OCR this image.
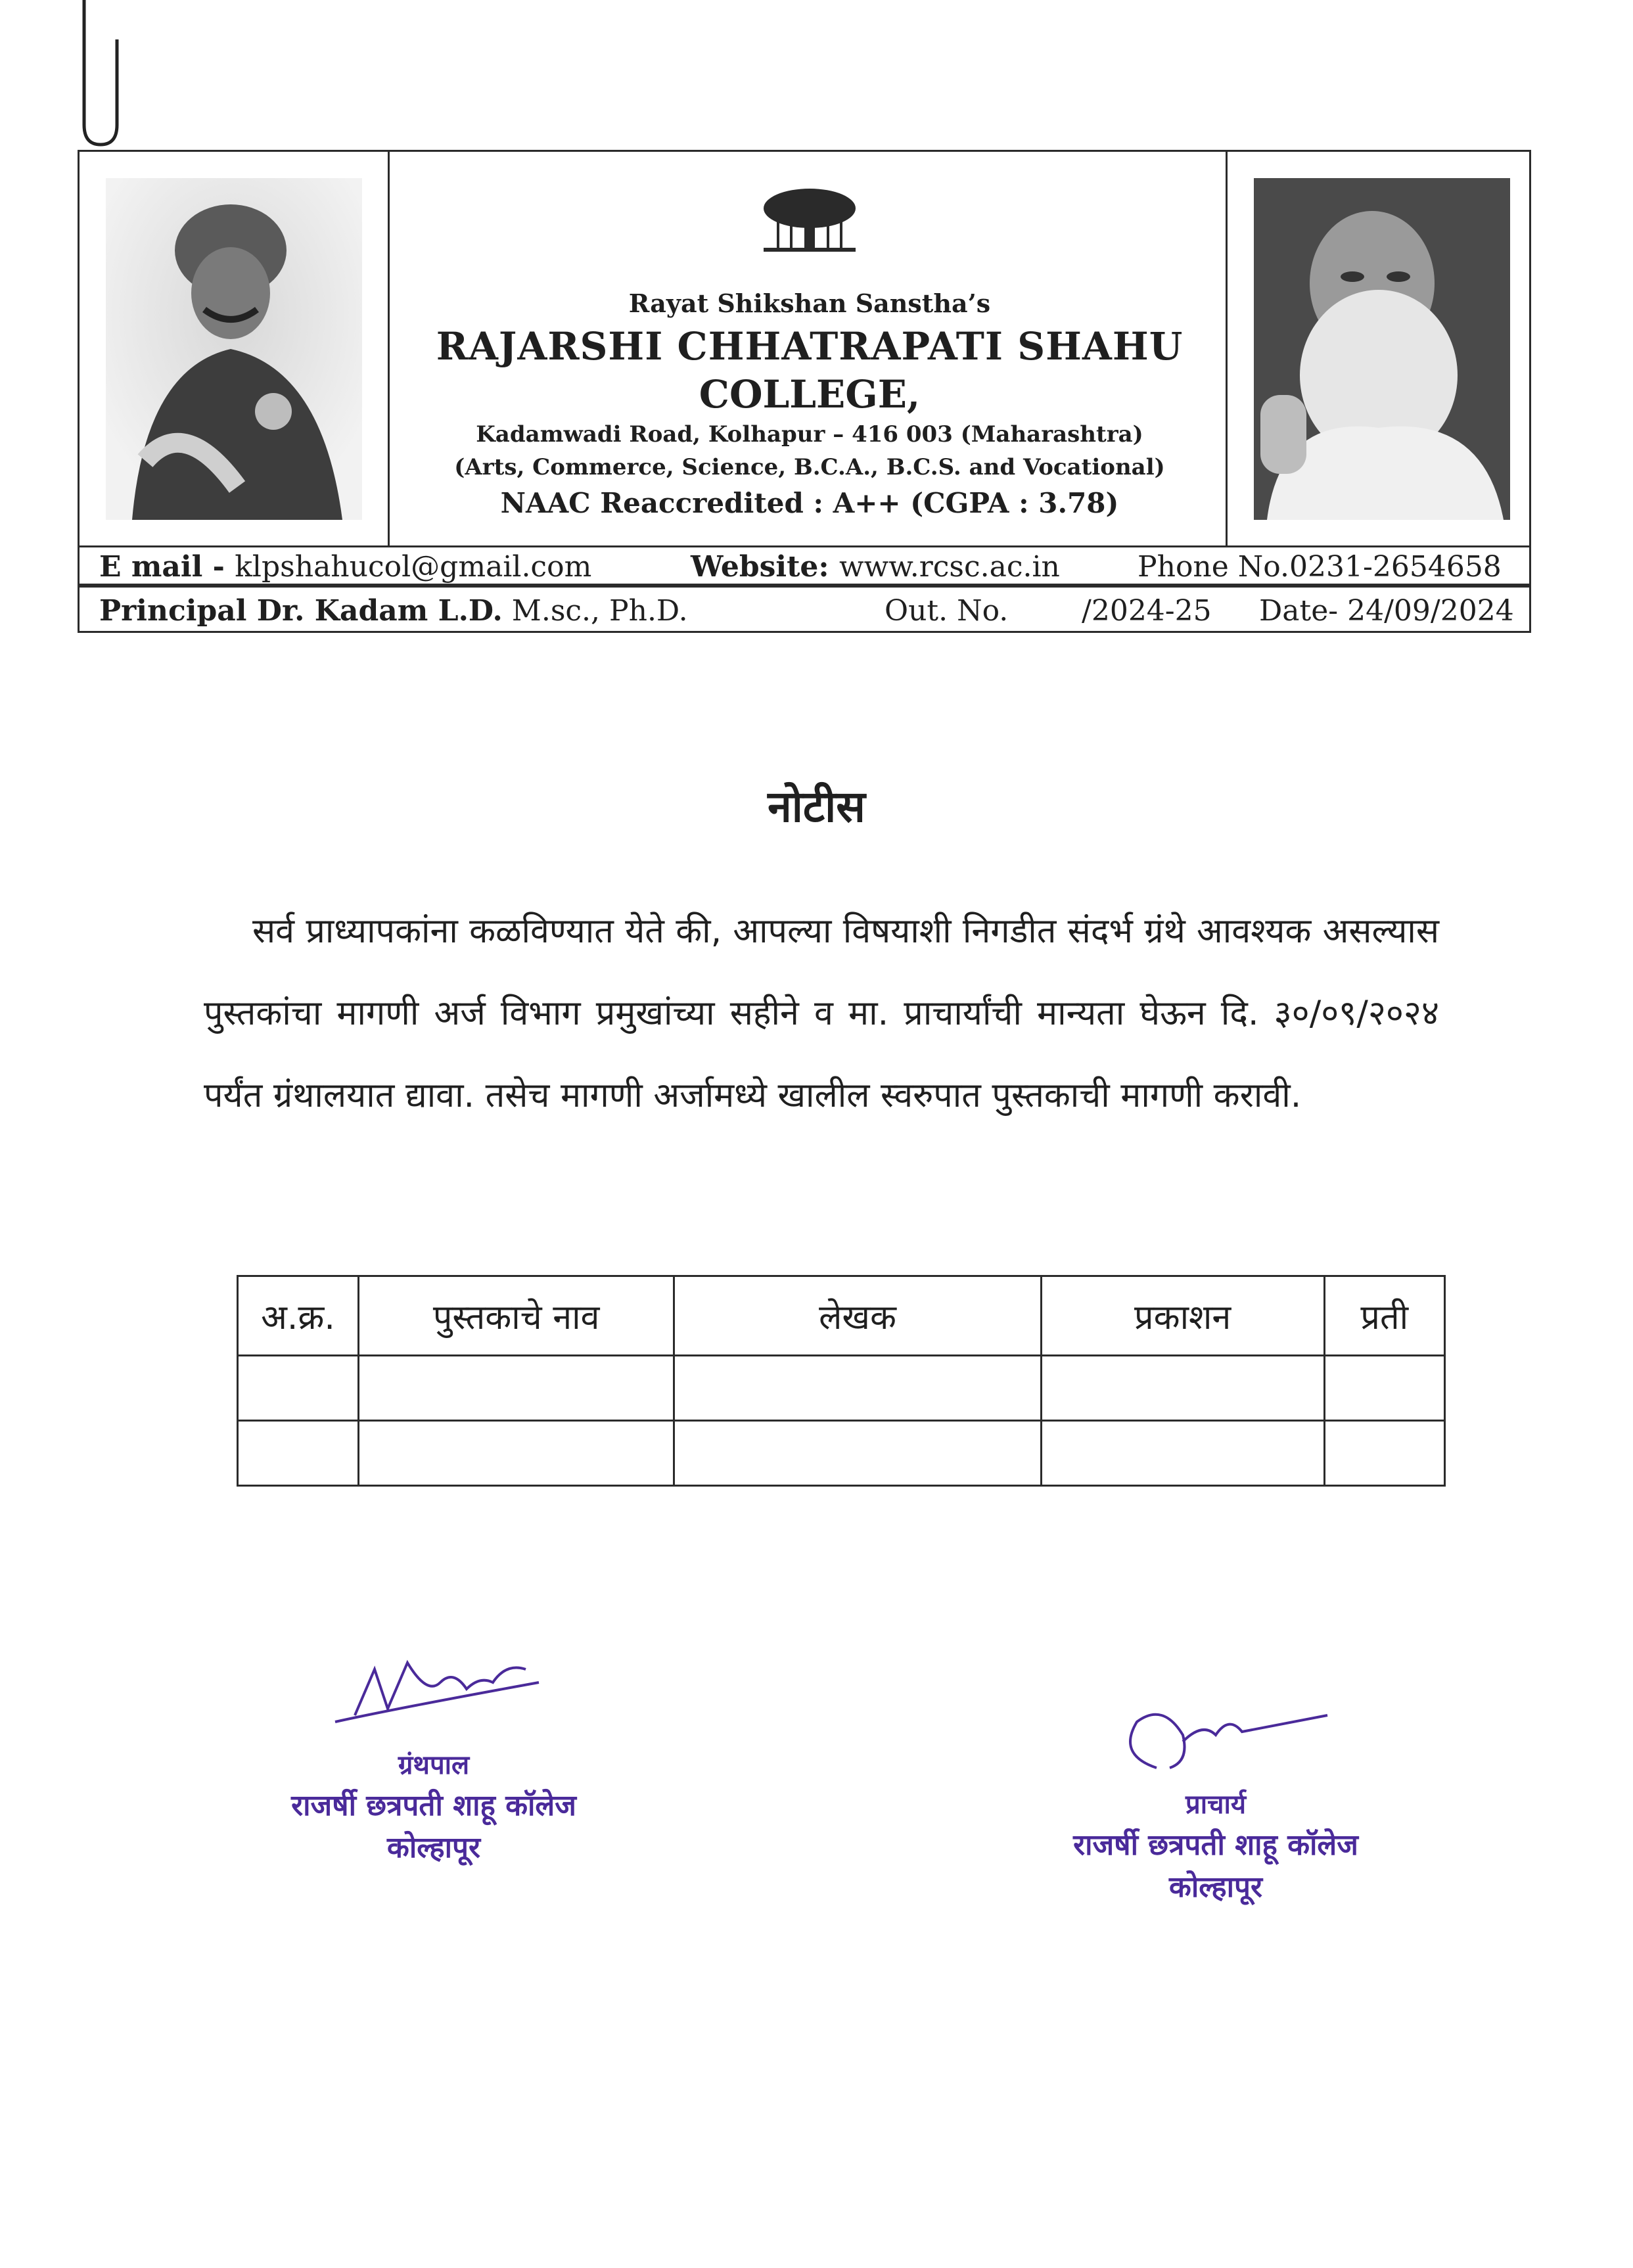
Rayat Shikshan Sanstha’s
RAJARSHI CHHATRAPATI SHAHU
COLLEGE,
Kadamwadi Road, Kolhapur – 416 003 (Maharashtra)
(Arts, Commerce, Science, B.C.A., B.C.S. and Vocational)
NAAC Reaccredited : A++ (CGPA : 3.78)
E mail - klpshahucol@gmail.com	Website: www.rcsc.ac.in	Phone No.0231-2654658
Principal Dr. Kadam L.D. M.sc., Ph.D.	Out. No.	/2024-25 Date- 24/09/2024
नोटीस

सर्व प्राध्यापकांना कळविण्यात येते की, आपल्या विषयाशी निगडीत संदर्भ ग्रंथे आवश्यक असल्यास पुस्तकांचा मागणी अर्ज विभाग प्रमुखांच्या सहीने व मा. प्राचार्यांची मान्यता घेऊन दि. ३०/०९/२०२४ पर्यंत ग्रंथालयात द्यावा. तसेच मागणी अर्जामध्ये खालील स्वरुपात पुस्तकाची मागणी करावी.

अ.क्र.	पुस्तकाचे नाव	लेखक	प्रकाशन	प्रती

ग्रंथपाल
राजर्षी छत्रपती शाहू कॉलेज
कोल्हापूर
प्राचार्य
राजर्षी छत्रपती शाहू कॉलेज
कोल्हापूर
